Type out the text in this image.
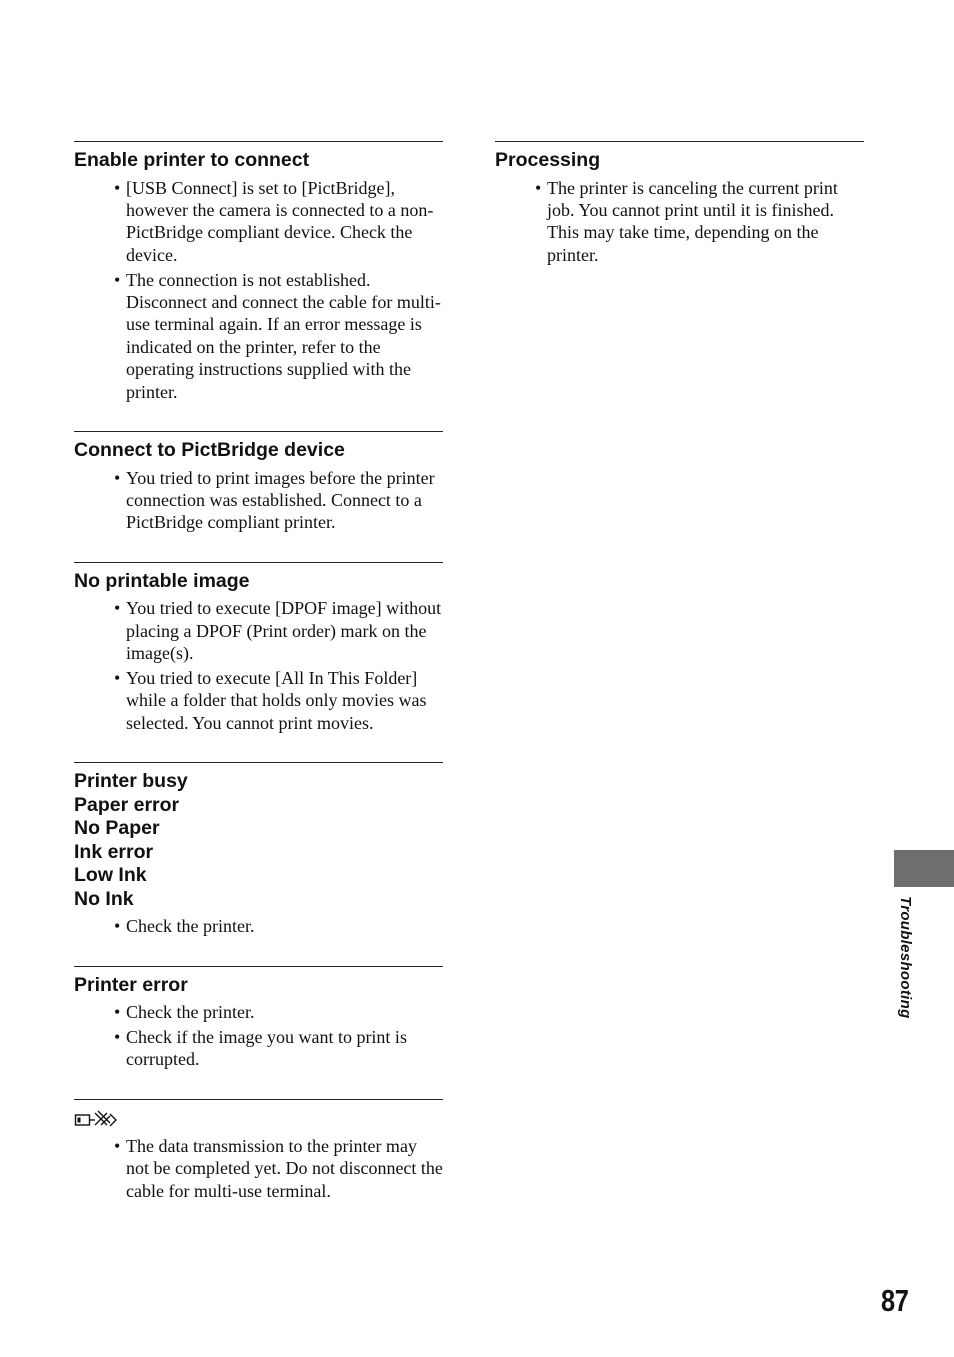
Enable printer to connect
• [USB Connect] is set to [PictBridge], however the camera is connected to a non-PictBridge compliant device. Check the device.
• The connection is not established. Disconnect and connect the cable for multi-use terminal again. If an error message is indicated on the printer, refer to the operating instructions supplied with the printer.
Connect to PictBridge device
• You tried to print images before the printer connection was established. Connect to a PictBridge compliant printer.
No printable image
• You tried to execute [DPOF image] without placing a DPOF (Print order) mark on the image(s).
• You tried to execute [All In This Folder] while a folder that holds only movies was selected. You cannot print movies.
Printer busy
Paper error
No Paper
Ink error
Low Ink
No Ink
• Check the printer.
Printer error
• Check the printer.
• Check if the image you want to print is corrupted.
• The data transmission to the printer may not be completed yet. Do not disconnect the cable for multi-use terminal.
Processing
• The printer is canceling the current print job. You cannot print until it is finished. This may take time, depending on the printer.
Troubleshooting
87
